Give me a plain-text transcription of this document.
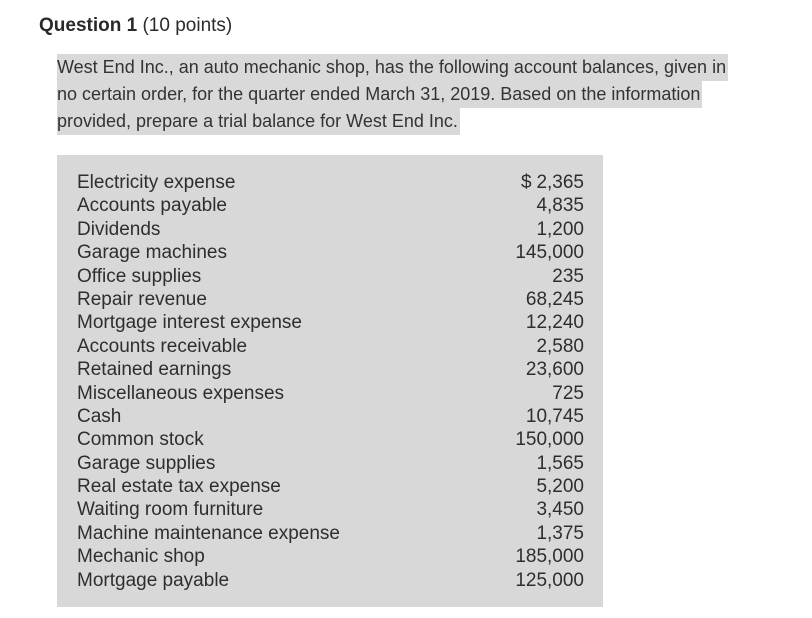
Question 1 (10 points)
West End Inc., an auto mechanic shop, has the following account balances, given in
no certain order, for the quarter ended March 31, 2019. Based on the information
provided, prepare a trial balance for West End Inc.
Electricity expense	$ 2,365
Accounts payable	4,835
Dividends	1,200
Garage machines	145,000
Office supplies	235
Repair revenue	68,245
Mortgage interest expense	12,240
Accounts receivable	2,580
Retained earnings	23,600
Miscellaneous expenses	725
Cash	10,745
Common stock	150,000
Garage supplies	1,565
Real estate tax expense	5,200
Waiting room furniture	3,450
Machine maintenance expense	1,375
Mechanic shop	185,000
Mortgage payable	125,000
